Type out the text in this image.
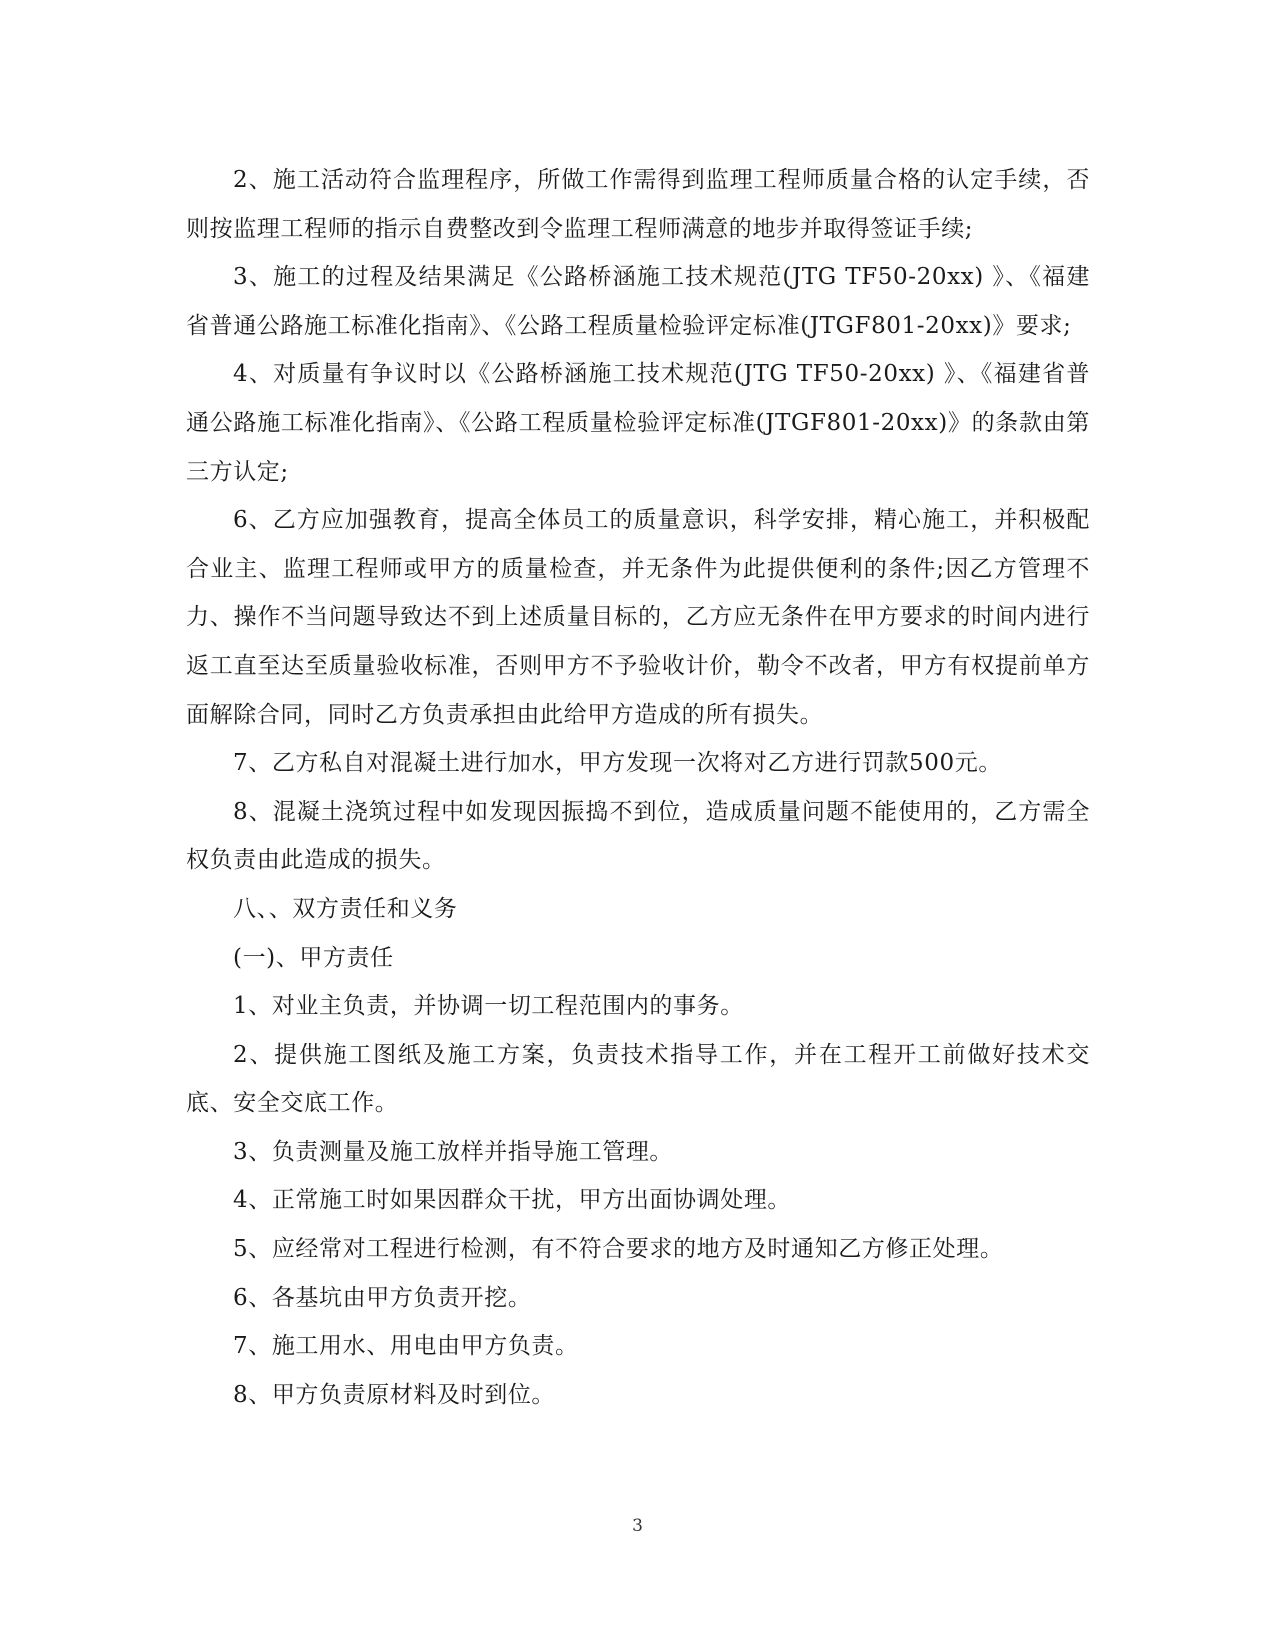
2、施工活动符合监理程序，所做工作需得到监理工程师质量合格的认定手续，否则按监理工程师的指示自费整改到令监理工程师满意的地步并取得签证手续;

3、施工的过程及结果满足《公路桥涵施工技术规范(JTG TF50-20xx) 》、《福建省普通公路施工标准化指南》、《公路工程质量检验评定标准(JTGF801-20xx)》要求;

4、对质量有争议时以《公路桥涵施工技术规范(JTG TF50-20xx) 》、《福建省普通公路施工标准化指南》、《公路工程质量检验评定标准(JTGF801-20xx)》的条款由第三方认定;

6、乙方应加强教育，提高全体员工的质量意识，科学安排，精心施工，并积极配合业主、监理工程师或甲方的质量检查，并无条件为此提供便利的条件;因乙方管理不力、操作不当问题导致达不到上述质量目标的，乙方应无条件在甲方要求的时间内进行返工直至达至质量验收标准，否则甲方不予验收计价，勒令不改者，甲方有权提前单方面解除合同，同时乙方负责承担由此给甲方造成的所有损失。

7、乙方私自对混凝土进行加水，甲方发现一次将对乙方进行罚款500元。

8、混凝土浇筑过程中如发现因振捣不到位，造成质量问题不能使用的，乙方需全权负责由此造成的损失。

八、、双方责任和义务

(一)、甲方责任

1、对业主负责，并协调一切工程范围内的事务。

2、提供施工图纸及施工方案，负责技术指导工作，并在工程开工前做好技术交底、安全交底工作。

3、负责测量及施工放样并指导施工管理。

4、正常施工时如果因群众干扰，甲方出面协调处理。

5、应经常对工程进行检测，有不符合要求的地方及时通知乙方修正处理。

6、各基坑由甲方负责开挖。

7、施工用水、用电由甲方负责。

8、甲方负责原材料及时到位。

3
